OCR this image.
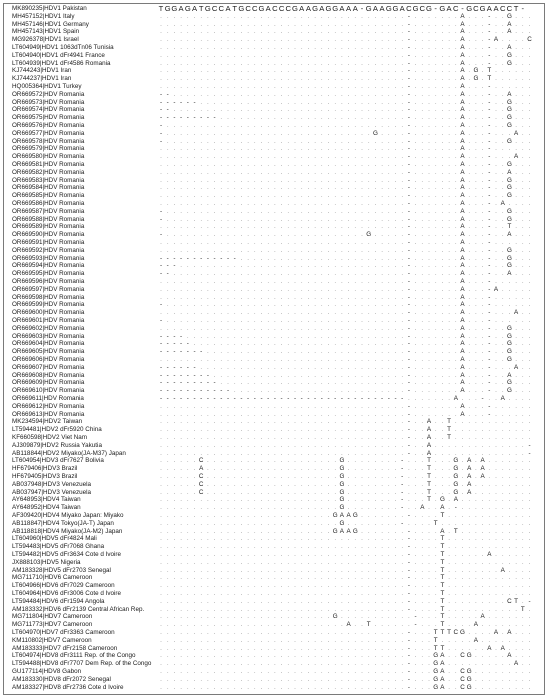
MK890235|HDV1 Pakistan	T G G A G A T G C C A T G C C G A C C C G A A G A G G A A A - G A A G G A C G C G - G A C - G C G A A C C T -
MH457152|HDV1 Italy	. . . . . . . . . . . . . . . . . . . . . . . . . . . . . . . . . . . . . - . . . . . . . A . . . - . . G . . .
MH457146|HDV1 Germany	. . . . . . . . . . . . . . . . . . . . . . . . . . . . . . . . . . . . . - . . . . . . . A . . . - . . A . . .
MH457143|HDV1 Spain	. . . . . . . . . . . . . . . . . . . . . . . . . . . . . . . . . . . . . - . . . . . . . A . . . - . . A . . .
MG926378|HDV1 Israel	. . . . . . . . . . . . . . . . . . . . . . . . . . . . . . . . . . . . . - . . . . . . . A . . . - A . . . . C
LT604949|HDV1 1063dTn06 Tunisia	. . . . . . . . . . . . . . . . . . . . . . . . . . . . . . . . . . . . . - . . . . . . . A . . . - . . A . . .
LT604940|HDV1 dFr4941 France	. . . . . . . . . . . . . . . . . . . . . . . . . . . . . . . . . . . . . - . . . . . . . A . . . - . . G . . .
LT604939|HDV1 dFr4586 Romania	. . . . . . . . . . . . . . . . . . . . . . . . . . . . . . . . . . . . . - . . . . . . . A . . . - . . G . . .
KJ744243|HDV1 Iran	. . . . . . . . . . . . . . . . . . . . . . . . . . . . . . . . . . . . . - . . . . . . . A . G . T . . . . . .
KJ744237|HDV1 Iran	. . . . . . . . . . . . . . . . . . . . . . . . . . . . . . . . . . . . . - . . . . . . . A . G . T . . . . . .
HQ005364|HDV1 Turkey	. . . . . . . . . . . . . . . . . . . . . . . . . . . . . . . . . . . . . - . . . . . . . A . . . - . . . . . .
OR669572|HDV Romania	- - . . . . . . . . . . . . . . . . . . . . . . . . . . . . . . . . . . . - . . . . . . . A . . . - . . A . . .
OR669573|HDV Romania	- - - - - - . . . . . . . . . . . . . . . . . . . . . . . . . . . . . . . - . . . . . . . A . . . - . . G . . .
OR669574|HDV Romania	- - . . . . . . . . . . . . . . . . . . . . . . . . . . . . . . . . . . . - . . . . . . . A . . . - . . G . . .
OR669575|HDV Romania	- - - - - - - - - . . . . . . . . . . . . . . . . . . . . . . . . . . . . - . . . . . . . A . . . - . . G . . .
OR669576|HDV Romania	- . . . . . . . . . . . . . . . . . . . . . . . . . . . . . . . . . . . . - . . . . . . . A . . . - . . G . . .
OR669577|HDV Romania	- . . . . . . . . . . . . . . . . . . . . . . . . . . . . . . . G . . . . - . . . . . . . A . . . - . . . A . .
OR669578|HDV Romania	- . . . . . . . . . . . . . . . . . . . . . . . . . . . . . . . . . . . . - . . . . . . . A . . . - . . G . . .
OR669579|HDV Romania	. . . . . . . . . . . . . . . . . . . . . . . . . . . . . . . . . . . . . - . . . . . . . A . . . - . . . . . .
OR669580|HDV Romania	. . . . . . . . . . . . . . . . . . . . . . . . . . . . . . . . . . . . . - . . . . . . . A . . . - . . . A . .
OR669581|HDV Romania	. . . . . . . . . . . . . . . . . . . . . . . . . . . . . . . . . . . . . - . . . . . . . A . . . - . . G . . .
OR669582|HDV Romania	. . . . . . . . . . . . . . . . . . . . . . . . . . . . . . . . . . . . . - . . . . . . . A . . . - . . A . . .
OR669583|HDV Romania	. . . . . . . . . . . . . . . . . . . . . . . . . . . . . . . . . . . . . - . . . . . . . A . . . - . . G . . .
OR669584|HDV Romania	. . . . . . . . . . . . . . . . . . . . . . . . . . . . . . . . . . . . . - . . . . . . . A . . . - . . G . . .
OR669585|HDV Romania	. . . . . . . . . . . . . . . . . . . . . . . . . . . . . . . . . . . . . - . . . . . . . A . . . - . . G . . .
OR669586|HDV Romania	. . . . . . . . . . . . . . . . . . . . . . . . . . . . . . . . . . . . . - . . . . . . . A . . . - . A . . . .
OR669587|HDV Romania	- . . . . . . . . . . . . . . . . . . . . . . . . . . . . . . . . . . . . - . . . . . . . A . . . - . . G . . .
OR669588|HDV Romania	- . . . . . . . . . . . . . . . . . . . . . . . . . . . . . . . . . . . . - . . . . . . . A . . . - . . G . . .
OR669589|HDV Romania	. . . . . . . . . . . . . . . . . . . . . . . . . . . . . . . . . . . . . - . . . . . . . A . . . - . . T . . .
OR669590|HDV Romania	- . . . . . . . . . . . . . . . . . . . . . . . . . . . . . . G . . . . . - . . . . . . . A . . . - . . A . . .
OR669591|HDV Romania	. . . . . . . . . . . . . . . . . . . . . . . . . . . . . . . . . . . . . - . . . . . . . A . . . - . . . . . .
OR669592|HDV Romania	. . . . . . . . . . . . . . . . . . . . . . . . . . . . . . . . . . . . . - . . . . . . . A . . . - . . G . . .
OR669593|HDV Romania	- - - - - - - - - - - - . . . . . . . . . . . . . . . . . . . . . . . . . - . . . . . . . A . . . - . . G . . .
OR669594|HDV Romania	- - - . . . . . . . . . . . . . . . . . . . . . . . . . . . . . . . . . . - . . . . . . . A . . . - . . G . . .
OR669595|HDV Romania	- - . . . . . . . . . . . . . . . . . . . . . . . . . . . . . . . . . . . - . . . . . . . A . . . - . . A . . .
OR669596|HDV Romania	. . . . . . . . . . . . . . . . . . . . . . . . . . . . . . . . . . . . . - . . . . . . . A . . . - . . . . . .
OR669597|HDV Romania	. . . . . . . . . . . . . . . . . . . . . . . . . . . . . . . . . . . . . - . . . . . . . A . . . - A . . . . .
OR669598|HDV Romania	. . . . . . . . . . . . . . . . . . . . . . . . . . . . . . . . . . . . . - . . . . . . . A . . . - . . . . . .
OR669599|HDV Romania	- . . . . . . . . . . . . . . . . . . . . . . . . . . . . . . . . . . . . - . . . . . . . A . . . - . . . . . .
OR669600|HDV Romania	. . . . . . . . . . . . . . . . . . . . . . . . . . . . . . . . . . . . . - . . . . . . . A . . . - . . . A . .
OR669601|HDV Romania	- . . . . . . . . . . . . . . . . . . . . . . . . . . . . . . . . . . . . - . . . . . . . A . . . - . . . . . .
OR669602|HDV Romania	. . . . . . . . . . . . . . . . . . . . . . . . . . . . . . . . . . . . . - . . . . . . . A . . . - . . G . . .
OR669603|HDV Romania	- - - - . . . . . . . . . . . . . . . . . . . . . . . . . . . . . . . . . - . . . . . . . A . . . - . . G . . .
OR669604|HDV Romania	- - - - - . . . . . . . . . . . . . . . . . . . . . . . . . . . . . . . . - . . . . . . . A . . . - . . G . . .
OR669605|HDV Romania	- - - - - - - . . . . . . . . . . . . . . . . . . . . . . . . . . . . . . - . . . . . . . A . . . - . . G . . .
OR669606|HDV Romania	. . . . . . . . . . . . . . . . . . . . . . . . . . . . . . . . . . . . . - . . . . . . . A . . . - . . G . . .
OR669607|HDV Romania	- - - - - - . . . . . . . . . . . . . . . . . . . . . . . . . . . . . . . - . . . . . . . A . . . - . . . A . .
OR669608|HDV Romania	- - - - - - - - . . . . . . . . . . . . . . . . . . . . . . . . . . . . . - . . . . . . . A . . . - . . A . . .
OR669609|HDV Romania	- - - - - - - - - . . . . . . . . . . . . . . . . . . . . . . . . . . . . - . . . . . . . A . . . - . . G . . .
OR669610|HDV Romania	- - - - - - - - - - - . . . . . . . . . . . . . . . . . . . . . . . . . . - . . . . . . . A . . . - . . G . . .
OR669611|HDV Romania	- - - - - - - - - - - - - - - - - - - - - - - - - - - - - - - - - - - - - . . . . . . . A . . . - . . A . . . .
OR669612|HDV Romania	. . . . . . . . . . . . . . . . . . . . . . . . . . . . . . . . . . . . . - . . . . . . . A . . . - . . . . . .
OR669613|HDV Romania	. . . . . . . . . . . . . . . . . . . . . . . . . . . . . . . . . . . . . - . . . . . . . A . . . - . . . . . .
MK234594|HDV2 Taiwan	. . . . . . . . . . . . . . . . . . . . . . . . . . . . . . . . . . . . . - . . A . . T . . . . . . . . . . . .
LT594481|HDV2 dFr5920 China	. . . . . . . . . . . . . . . . . . . . . . . . . . . . . . . . . . . . . - . . A . . T . . . . . . . . . . . .
KF660598|HDV2 Viet Nam	. . . . . . . . . . . . . . . . . . . . . . . . . . . . . . . . . . . . . - . . A . . T . . . . . . . . . . . .
AJ309879|HDV2 Russia Yakutia	. . . . . . . . . . . . . . . . . . . . . . . . . . . . . . . . . . . . . - . . A . . . . . . . . . . . . . . -
AB118844|HDV2 Miyako(JA-M37) Japan	. . . . . . . . . . . . . . . . . . . . . . . . . . . . . . . . . . . . . - . . A . . . . . . . . . . . . . . -
LT604954|HDV3 dFr7627 Bolivia	. . . . . . C . . . . . . . . . . . . . . . . . . . . G . . . . . . . . - . . . T . . . G . A . A . . . . . . .
HF679406|HDV3 Brazil	. . . . . . A . . . . . . . . . . . . . . . . . . . . G . . . . . . . . - . . . T . . . G . A . A . . . . . . .
HF679405|HDV3 Brazil	. . . . . . C . . . . . . . . . . . . . . . . . . . . G . . . . . . . . - . . . T . . . G . A . A . . . . . . .
AB037948|HDV3 Venezuela	. . . . . . C . . . . . . . . . . . . . . . . . . . . G . . . . . . . . - . . . T . . . G . A . . . . . . . . .
AB037947|HDV3 Venezuela	. . . . . . C . . . . . . . . . . . . . . . . . . . . G . . . . . . . . - . . . T . . . G . A . . . . . . . . .
AY648953|HDV4 Taiwan	. . . . . . . . . . . . . . . . . . . . . . . . . . . G . . . . . . . . - . . . T . G . A . . . . . . . . . . .
AY648952|HDV4 Taiwan	. . . . . . . . . . . . . . . . . . . . . . . . . . . G . . . . . . . . - . . A . . A . - . . . . . . . . . . .
AF309420|HDV4 Miyako Japan: Miyako	. . . . . . . . . . . . . . . . . . . . . . . . . . G A A G . . . . . . . - . . . . T . . . . . . . . . . . . .
AB118847|HDV4 Tokyo(JA-T) Japan	. . . . . . . . . . . . . . . . . . . . . . . . . . . G . . . . . . . . - . . . . T . . . . . . . . . . . . . .
AB118818|HDV4 Miyako(JA-M2) Japan	. . . . . . . . . . . . . . . . . . . . . . . . . . G A A G . . . . . . . - . . . . A . T . . . . . . . . . . .
LT604960|HDV5 dFr4824 Mali	. . . . . . . . . . . . . . . . . . . . . . . . . . . . . . . . . . . . . - . . . . T . . . . . . . . . . . . .
LT594483|HDV5 dFr7068 Ghana	. . . . . . . . . . . . . . . . . . . . . . . . . . . . . . . . . . . . . - . . . . T . . . . . . . . . . . . .
LT594482|HDV5 dFr3634 Cote d Ivoire	. . . . . . . . . . . . . . . . . . . . . . . . . . . . . . . . . . . . . - . . . . T . . . . . . A . . . . . .
JX888103|HDV5 Nigeria	. . . . . . . . . . . . . . . . . . . . . . . . . . . . . . . . . . . . . - . . . . T . . . . . . . . . . . . .
AM183328|HDV5 dFr2703 Senegal	. . . . . . . . . . . . . . . . . . . . . . . . . . . . . . . . . . . . . - . . . . T . . . . . . . . A . . . .
MG711710|HDV6 Cameroon	. . . . . . . . . . . . . . . . . . . . . . . . . . . . . . . . . . . . . - . . . . T . . . . . . . . . . . . .
LT604966|HDV6 dFr7029 Cameroon	. . . . . . . . . . . . . . . . . . . . . . . . . . . . . . . . . . . . . - . . . . T . . . . . . . . . . . . .
LT604964|HDV6 dFr3006 Cote d Ivoire	. . . . . . . . . . . . . . . . . . . . . . . . . . . . . . . . . . . . . - . . . . T . . . . . . . . . . . . .
LT594484|HDV6 dFr1594 Angola	. . . . . . . . . . . . . . . . . . . . . . . . . . . . . . . . . . . . . - . . . . T . . . . . . . . . C T . -
AM183332|HDV6 dFr2139 Central African Rep.	. . . . . . . . . . . . . . . . . . . . . . . . . . . . . . . . . . . . . - . . . . T . . . . . . . . . . . T .
MG711804|HDV7 Cameroon	. . . . . . . . . . . . . . . . . . . . . . . . . . G . . . . . . . . . . . - . . . T . . . . . A . . . . . . .
MG711773|HDV7 Cameroon	. . . . . . . . . . . . . . . . . . . . . . . . . . . . A . . T . . . . . . - . . . T . . . . A . . . . . . . .
LT604970|HDV7 dFr3363 Cameroon	. . . . . . . . . . . . . . . . . . . . . . . . . . . . . . . . . . . . . - . . . T T T C G . . . . A . A . . .
KM110802|HDV7 Cameroon	. . . . . . . . . . . . . . . . . . . . . . . . . . . . . . . . . . . . . - . . . T . . . . . A . . . . . . . .
AM183333|HDV7 dFr2158 Cameroon	. . . . . . . . . . . . . . . . . . . . . . . . . . . . . . . . . . . . . - . . . T T . . . . . . A . A . . . .
LT604974|HDV8 dFr3111 Rep. of the Congo	. . . . . . . . . . . . . . . . . . . . . . . . . . . . . . . . . . . . . - . . . G A . . C G . . . . . A . . .
LT594488|HDV8 dFr7707 Dem Rep. of the Congo	. . . . . . . . . . . . . . . . . . . . . . . . . . . . . . . . . . . . . - . . . G A . . . . . . . . . . A . .
GU177114|HDV8 Gabon	. . . . . . . . . . . . . . . . . . . . . . . . . . . . . . . . . . . . . - . . . G A . . C G . . . . . . . . .
AM183330|HDV8 dFr2072 Senegal	. . . . . . . . . . . . . . . . . . . . . . . . . . . . . . . . . . . . . - . . . G A . . C G . . . . . . . . .
AM183327|HDV8 dFr2736 Cote d Ivoire	. . . . . . . . . . . . . . . . . . . . . . . . . . . . . . . . . . . . . - . . . G A . . C G . . . . . . . . .
